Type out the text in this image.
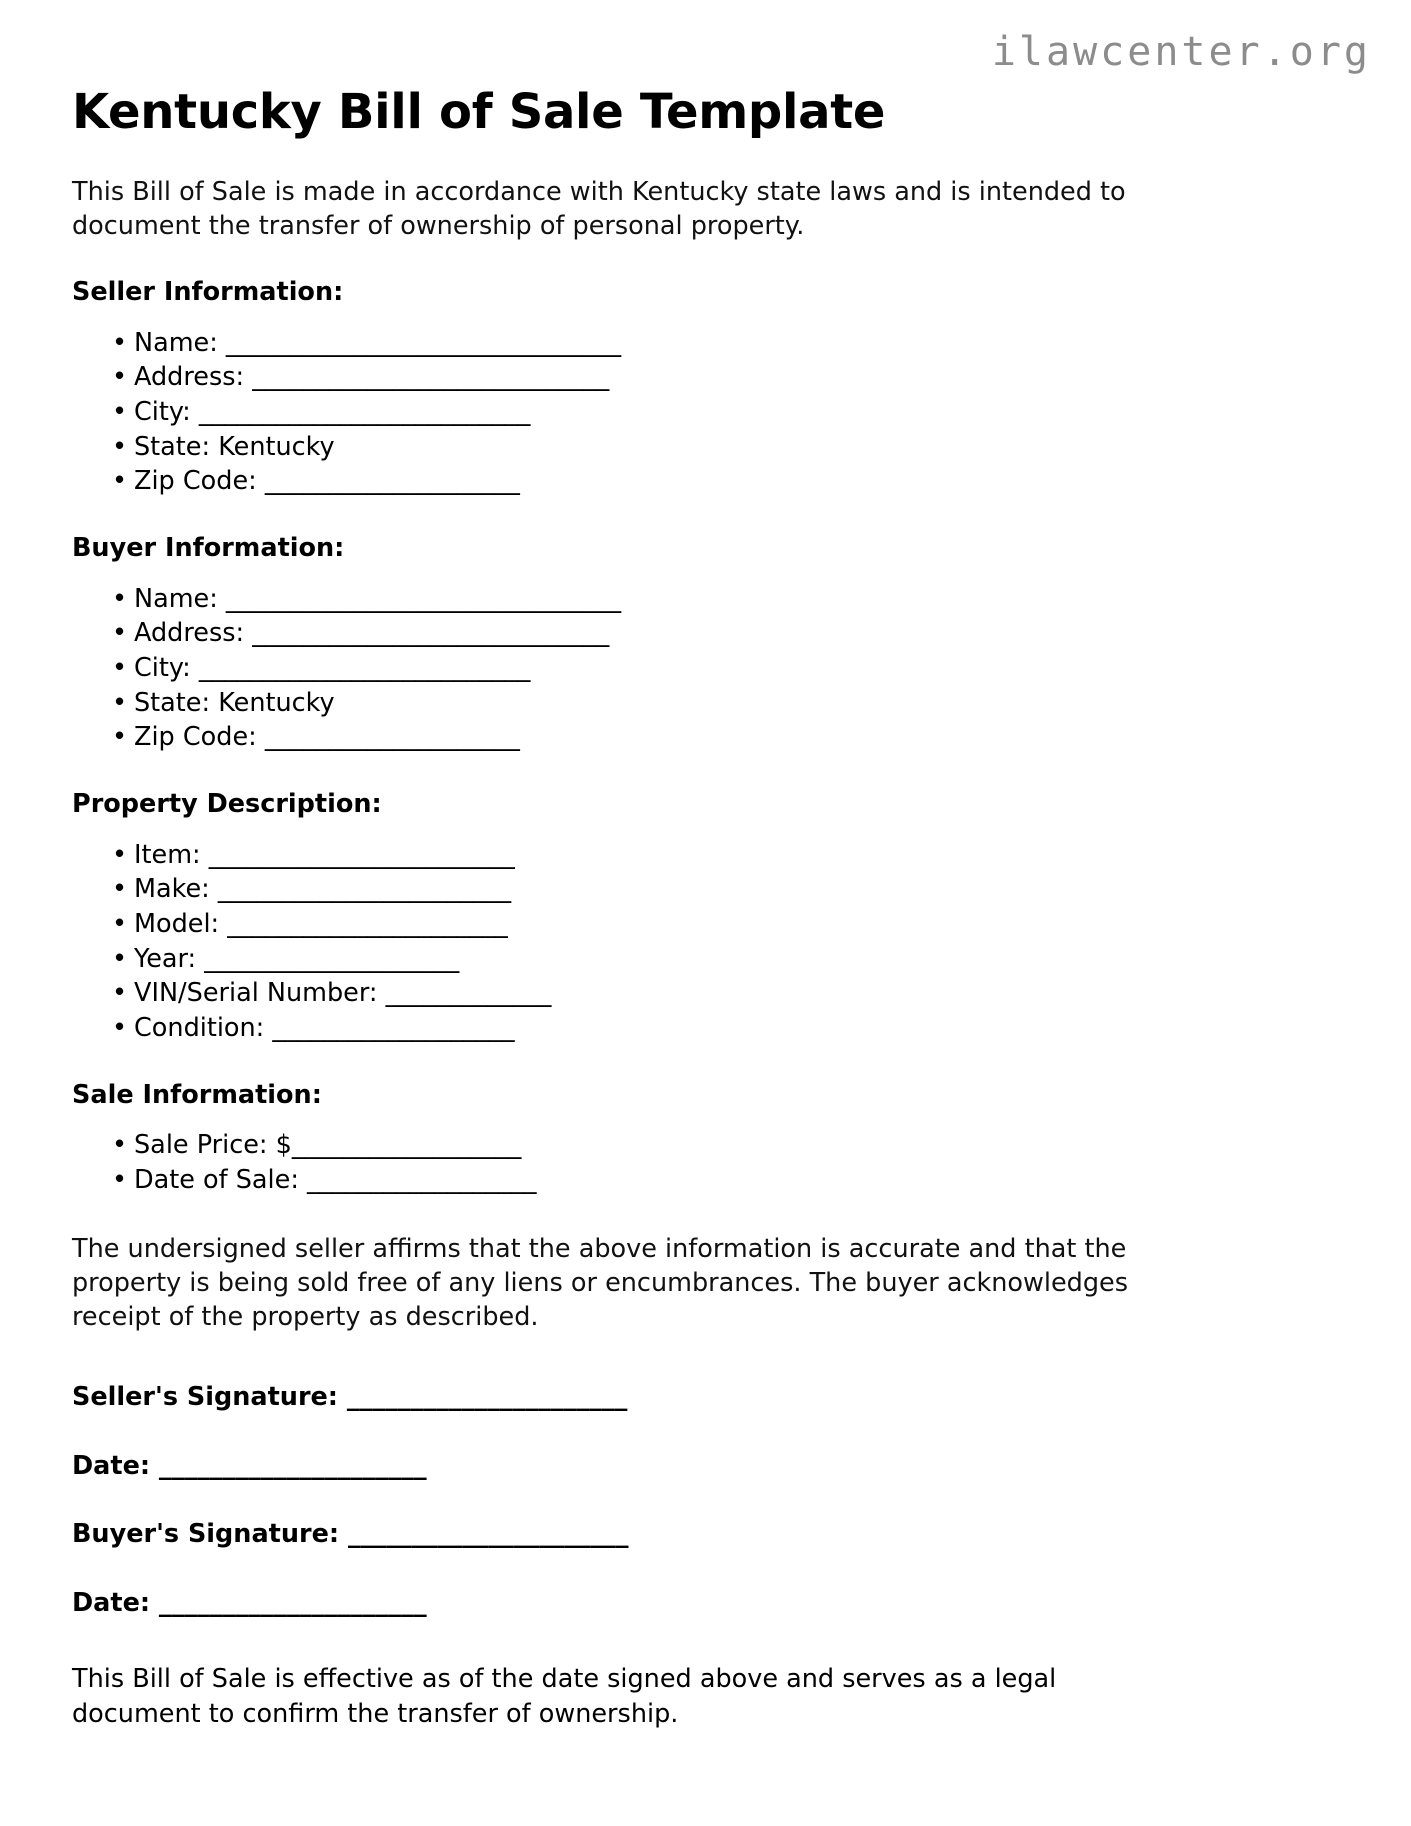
ilawcenter.org
Kentucky Bill of Sale Template

This Bill of Sale is made in accordance with Kentucky state laws and is intended to document the transfer of ownership of personal property.

Seller Information:
• Name: _______________________________
• Address: ____________________________
• City: __________________________
• State: Kentucky
• Zip Code: ____________________
Buyer Information:
• Name: _______________________________
• Address: ____________________________
• City: __________________________
• State: Kentucky
• Zip Code: ____________________
Property Description:
• Item: ________________________
• Make: _______________________
• Model: ______________________
• Year: ____________________
• VIN/Serial Number: _____________
• Condition: ___________________
Sale Information:
• Sale Price: $__________________
• Date of Sale: __________________

The undersigned seller affirms that the above information is accurate and that the property is being sold free of any liens or encumbrances. The buyer acknowledges receipt of the property as described.

Seller's Signature: ______________________

Date: _____________________

Buyer's Signature: ______________________

Date: _____________________

This Bill of Sale is effective as of the date signed above and serves as a legal document to confirm the transfer of ownership.
